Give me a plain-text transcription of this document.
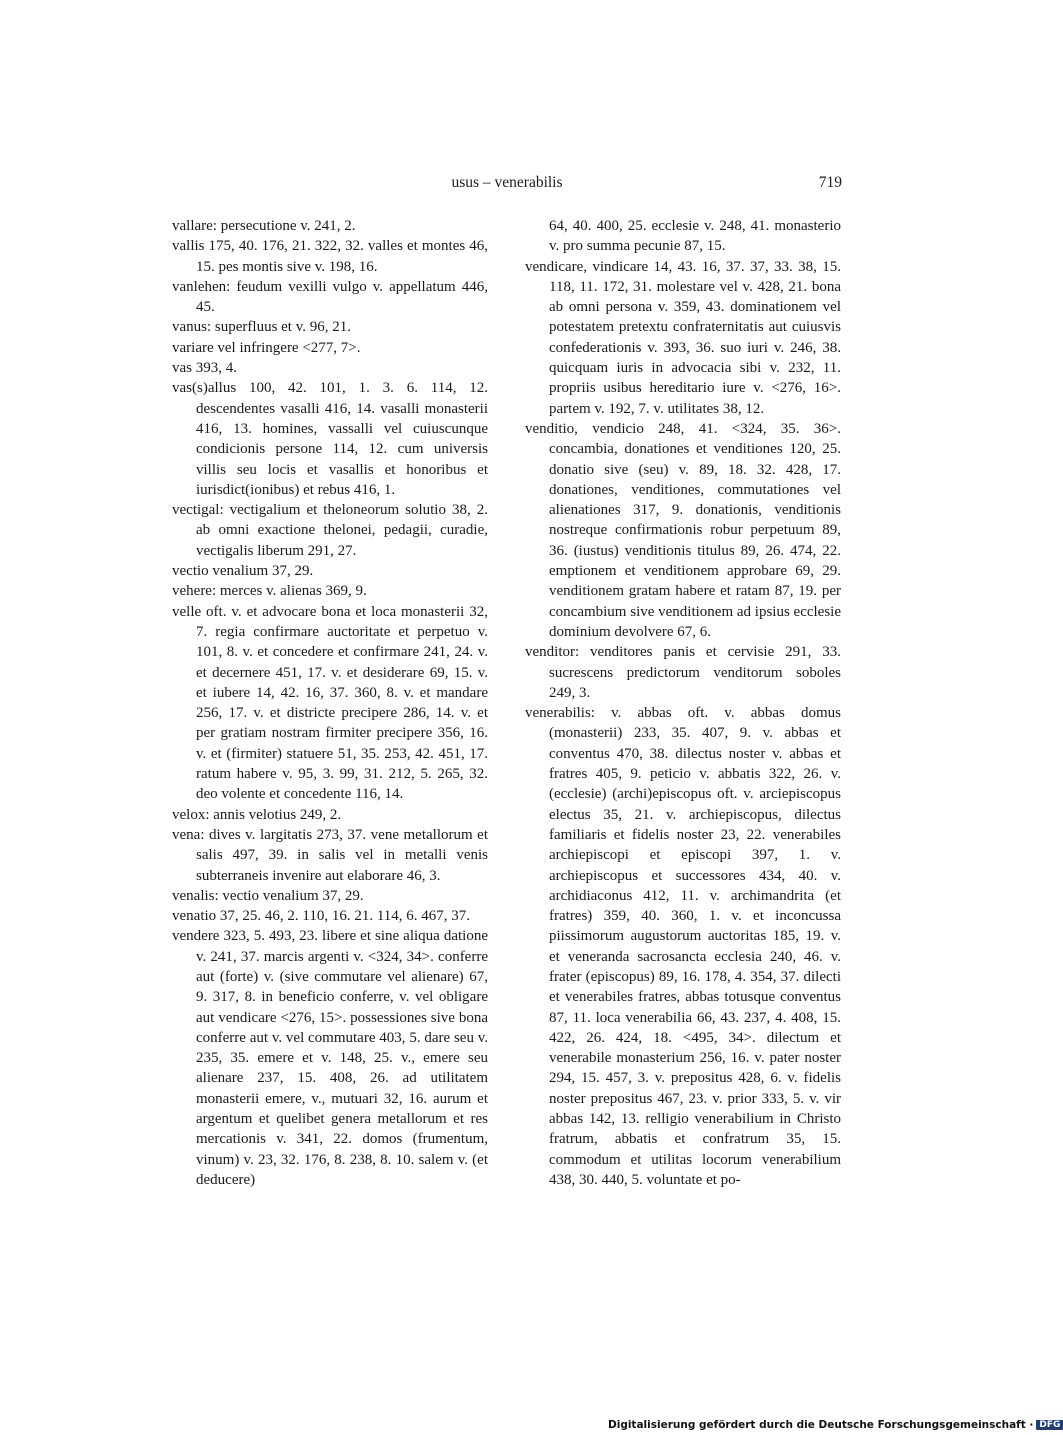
usus – venerabilis	719

vallare: persecutione v. 241, 2.

vallis 175, 40. 176, 21. 322, 32. valles et montes 46, 15. pes montis sive v. 198, 16.

vanlehen: feudum vexilli vulgo v. appellatum 446, 45.

vanus: superfluus et v. 96, 21.

variare vel infringere <277, 7>.

vas 393, 4.

vas(s)allus 100, 42. 101, 1. 3. 6. 114, 12. descendentes vasalli 416, 14. vasalli monasterii 416, 13. homines, vassalli vel cuiuscunque condicionis persone 114, 12. cum universis villis seu locis et vasallis et honoribus et iurisdict(ionibus) et rebus 416, 1.

vectigal: vectigalium et theloneorum solutio 38, 2. ab omni exactione thelonei, pedagii, curadie, vectigalis liberum 291, 27.

vectio venalium 37, 29.

vehere: merces v. alienas 369, 9.

velle oft. v. et advocare bona et loca monasterii 32, 7. regia confirmare auctoritate et perpetuo v. 101, 8. v. et concedere et confirmare 241, 24. v. et decernere 451, 17. v. et desiderare 69, 15. v. et iubere 14, 42. 16, 37. 360, 8. v. et mandare 256, 17. v. et districte precipere 286, 14. v. et per gratiam nostram firmiter precipere 356, 16. v. et (firmiter) statuere 51, 35. 253, 42. 451, 17. ratum habere v. 95, 3. 99, 31. 212, 5. 265, 32. deo volente et concedente 116, 14.

velox: annis velotius 249, 2.

vena: dives v. largitatis 273, 37. vene metallorum et salis 497, 39. in salis vel in metalli venis subterraneis invenire aut elaborare 46, 3.

venalis: vectio venalium 37, 29.

venatio 37, 25. 46, 2. 110, 16. 21. 114, 6. 467, 37.

vendere 323, 5. 493, 23. libere et sine aliqua datione v. 241, 37. marcis argenti v. <324, 34>. conferre aut (forte) v. (sive commutare vel alienare) 67, 9. 317, 8. in beneficio conferre, v. vel obligare aut vendicare <276, 15>. possessiones sive bona conferre aut v. vel commutare 403, 5. dare seu v. 235, 35. emere et v. 148, 25. v., emere seu alienare 237, 15. 408, 26. ad utilitatem monasterii emere, v., mutuari 32, 16. aurum et argentum et quelibet genera metallorum et res mercationis v. 341, 22. domos (frumentum, vinum) v. 23, 32. 176, 8. 238, 8. 10. salem v. (et deducere)

64, 40. 400, 25. ecclesie v. 248, 41. monasterio v. pro summa pecunie 87, 15.

vendicare, vindicare 14, 43. 16, 37. 37, 33. 38, 15. 118, 11. 172, 31. molestare vel v. 428, 21. bona ab omni persona v. 359, 43. dominationem vel potestatem pretextu confraternitatis aut cuiusvis confederationis v. 393, 36. suo iuri v. 246, 38. quicquam iuris in advocacia sibi v. 232, 11. propriis usibus hereditario iure v. <276, 16>. partem v. 192, 7. v. utilitates 38, 12.

venditio, vendicio 248, 41. <324, 35. 36>. concambia, donationes et venditiones 120, 25. donatio sive (seu) v. 89, 18. 32. 428, 17. donationes, venditiones, commutationes vel alienationes 317, 9. donationis, venditionis nostreque confirmationis robur perpetuum 89, 36. (iustus) venditionis titulus 89, 26. 474, 22. emptionem et venditionem approbare 69, 29. venditionem gratam habere et ratam 87, 19. per concambium sive venditionem ad ipsius ecclesie dominium devolvere 67, 6.

venditor: venditores panis et cervisie 291, 33. sucrescens predictorum venditorum soboles 249, 3.

venerabilis: v. abbas oft. v. abbas domus (monasterii) 233, 35. 407, 9. v. abbas et conventus 470, 38. dilectus noster v. abbas et fratres 405, 9. peticio v. abbatis 322, 26. v. (ecclesie) (archi)episcopus oft. v. arciepiscopus electus 35, 21. v. archiepiscopus, dilectus familiaris et fidelis noster 23, 22. venerabiles archiepiscopi et episcopi 397, 1. v. archiepiscopus et successores 434, 40. v. archidiaconus 412, 11. v. archimandrita (et fratres) 359, 40. 360, 1. v. et inconcussa piissimorum augustorum auctoritas 185, 19. v. et veneranda sacrosancta ecclesia 240, 46. v. frater (episcopus) 89, 16. 178, 4. 354, 37. dilecti et venerabiles fratres, abbas totusque conventus 87, 11. loca venerabilia 66, 43. 237, 4. 408, 15. 422, 26. 424, 18. <495, 34>. dilectum et venerabile monasterium 256, 16. v. pater noster 294, 15. 457, 3. v. prepositus 428, 6. v. fidelis noster prepositus 467, 23. v. prior 333, 5. v. vir abbas 142, 13. relligio venerabilium in Christo fratrum, abbatis et confratrum 35, 15. commodum et utilitas locorum venerabilium 438, 30. 440, 5. voluntate et po-

Digitalisierung gefördert durch die Deutsche Forschungsgemeinschaft · DFG
